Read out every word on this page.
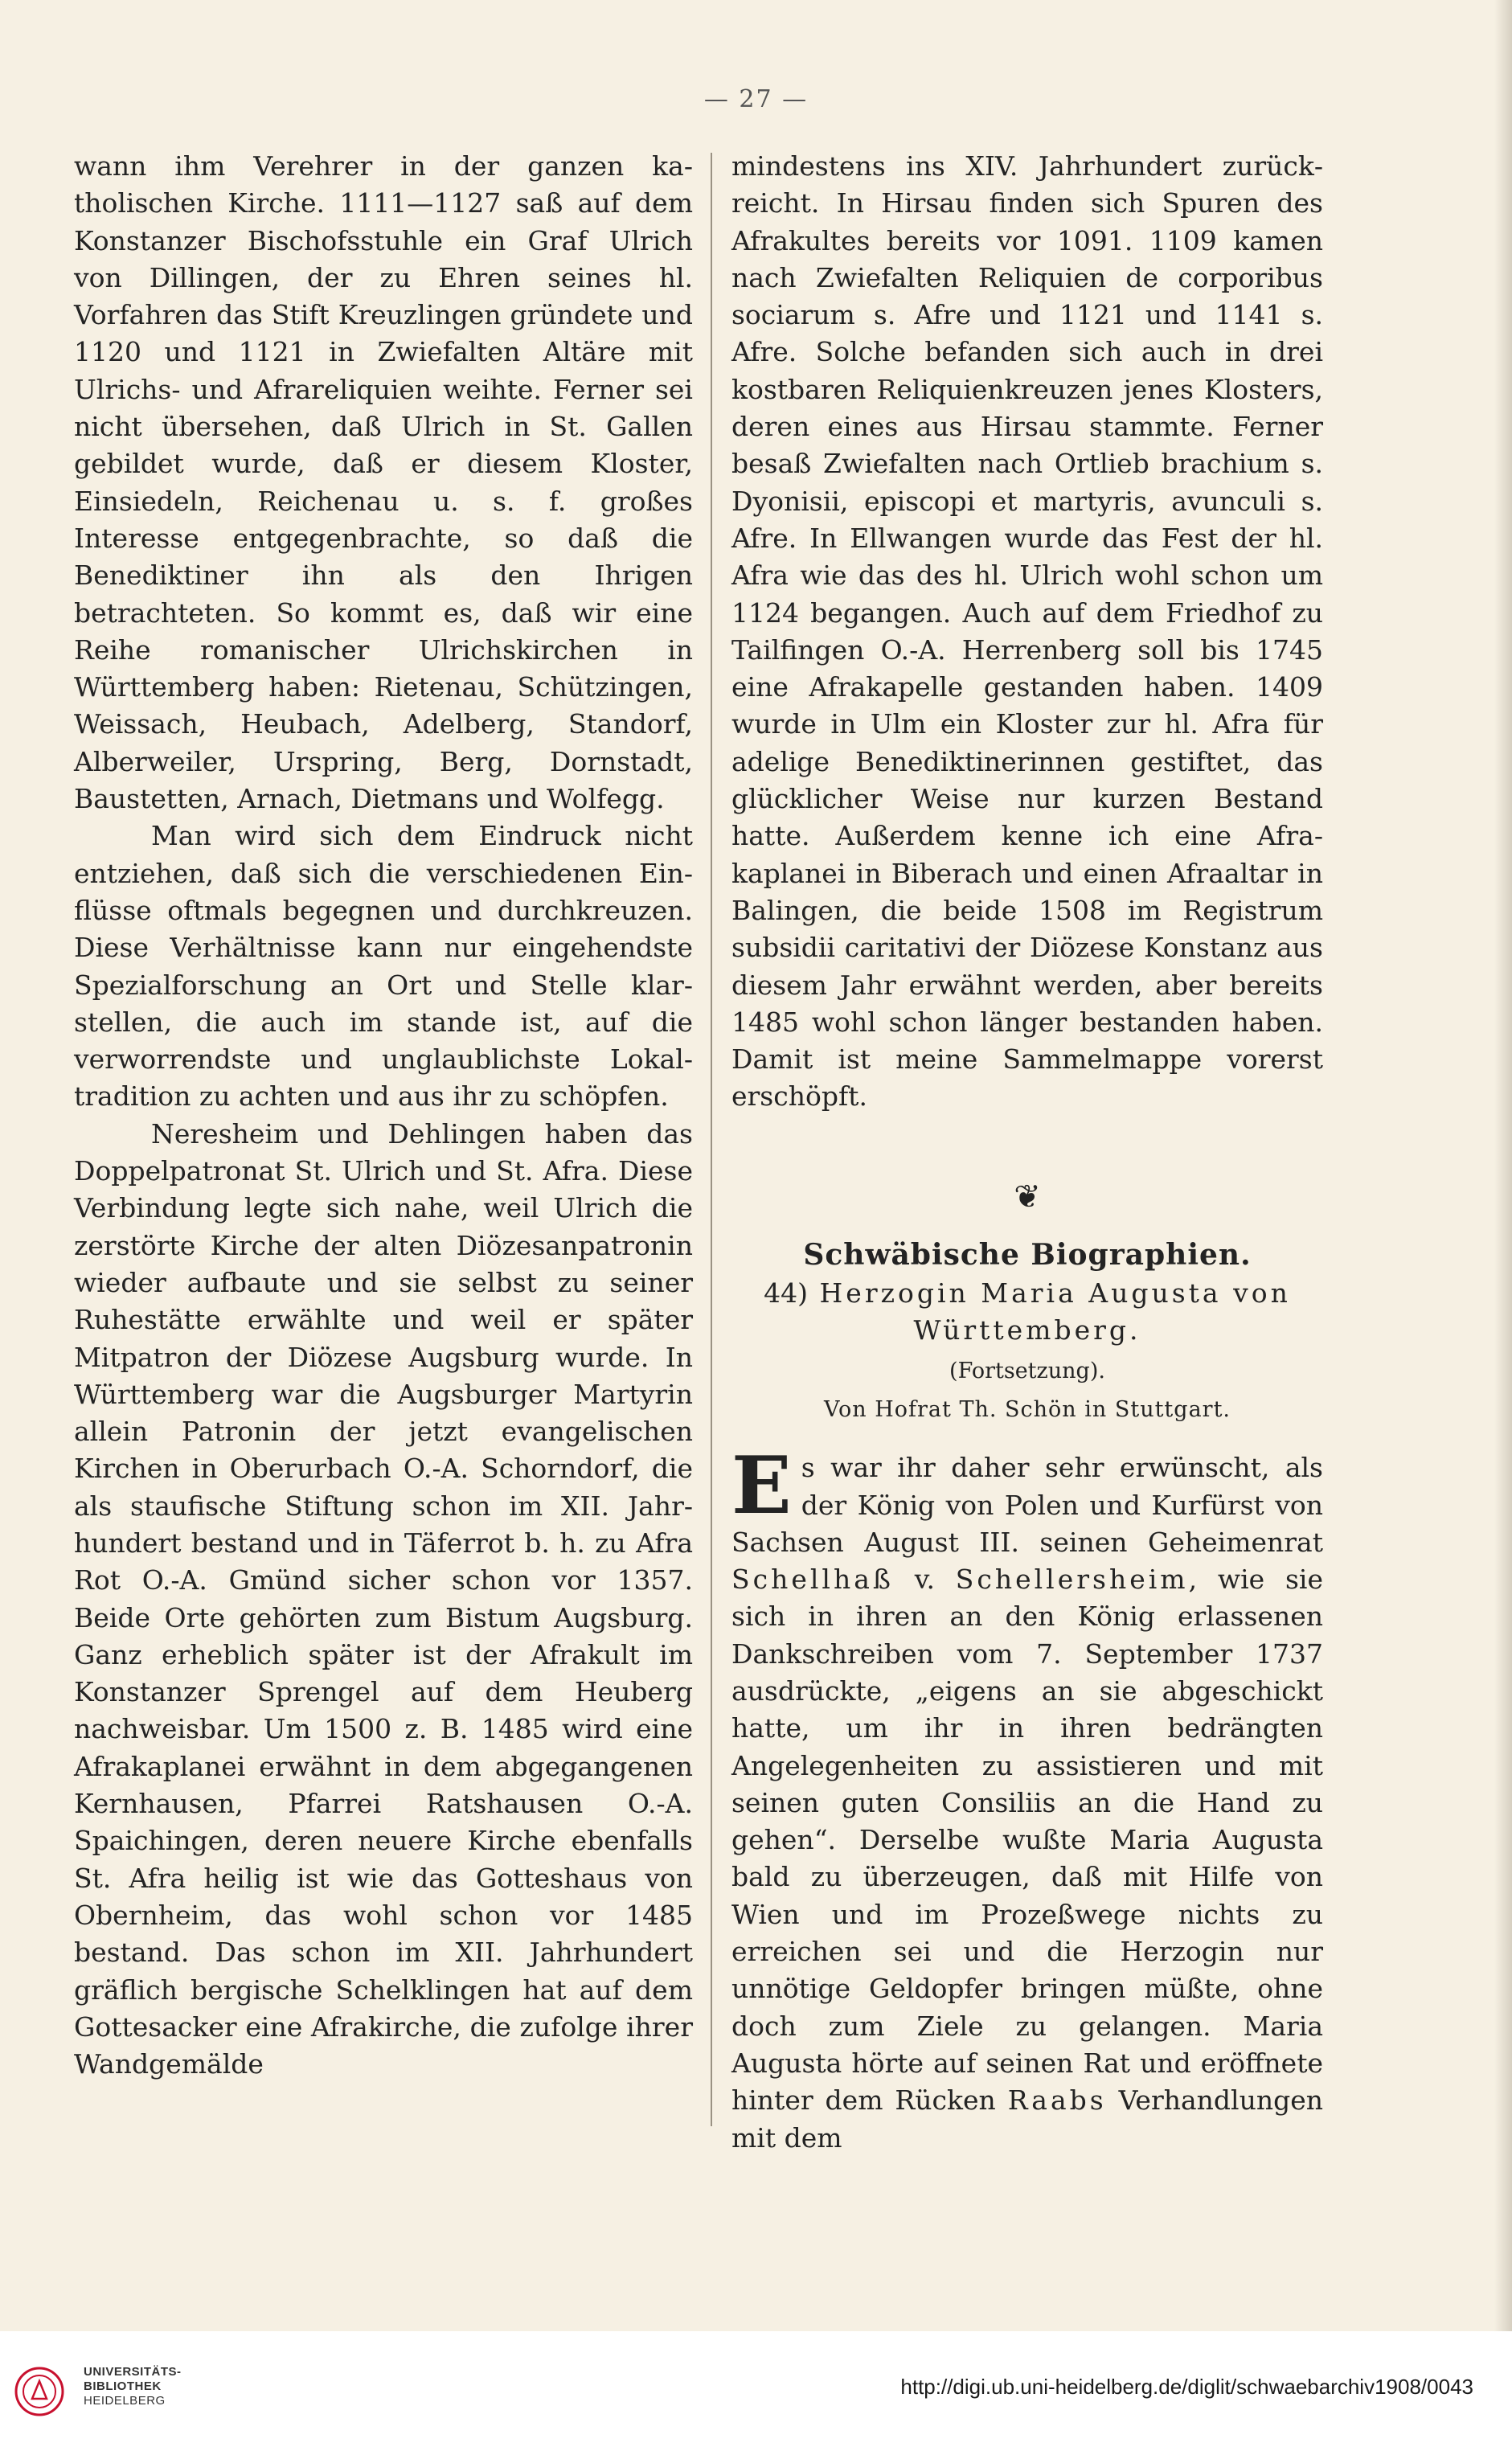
— 27 —

wann ihm Verehrer in der ganzen katholischen Kirche. 1111—1127 saß auf dem Konstanzer Bischofsstuhle ein Graf Ulrich von Dillingen, der zu Ehren seines hl. Vorfahren das Stift Kreuzlingen gründete und 1120 und 1121 in Zwiefalten Altäre mit Ulrichs- und Afrareliquien weihte. Ferner sei nicht übersehen, daß Ulrich in St. Gallen gebildet wurde, daß er diesem Kloster, Einsiedeln, Reichenau u. s. f. großes Interesse entgegenbrachte, so daß die Benediktiner ihn als den Ihrigen betrachteten. So kommt es, daß wir eine Reihe romanischer Ulrichskirchen in Württemberg haben: Rietenau, Schützingen, Weissach, Heubach, Adelberg, Standorf, Alberweiler, Urspring, Berg, Dornstadt, Baustetten, Arnach, Dietmans und Wolfegg.

Man wird sich dem Eindruck nicht entziehen, daß sich die verschiedenen Einflüsse oftmals begegnen und durchkreuzen. Diese Verhältnisse kann nur eingehendste Spezialforschung an Ort und Stelle klarstellen, die auch im stande ist, auf die verworrendste und unglaublichste Lokaltradition zu achten und aus ihr zu schöpfen.

Neresheim und Dehlingen haben das Doppelpatronat St. Ulrich und St. Afra. Diese Verbindung legte sich nahe, weil Ulrich die zerstörte Kirche der alten Diözesanpatronin wieder aufbaute und sie selbst zu seiner Ruhestätte erwählte und weil er später Mitpatron der Diözese Augsburg wurde. In Württemberg war die Augsburger Martyrin allein Patronin der jetzt evangelischen Kirchen in Oberurbach O.-A. Schorndorf, die als staufische Stiftung schon im XII. Jahrhundert bestand und in Täferrot b. h. zu Afra Rot O.-A. Gmünd sicher schon vor 1357. Beide Orte gehörten zum Bistum Augsburg. Ganz erheblich später ist der Afrakult im Konstanzer Sprengel auf dem Heuberg nachweisbar. Um 1500 z. B. 1485 wird eine Afrakaplanei erwähnt in dem abgegangenen Kernhausen, Pfarrei Ratshausen O.-A. Spaichingen, deren neuere Kirche ebenfalls St. Afra heilig ist wie das Gotteshaus von Obernheim, das wohl schon vor 1485 bestand. Das schon im XII. Jahrhundert gräflich bergische Schelklingen hat auf dem Gottesacker eine Afrakirche, die zufolge ihrer Wandgemälde

mindestens ins XIV. Jahrhundert zurückreicht. In Hirsau finden sich Spuren des Afrakultes bereits vor 1091. 1109 kamen nach Zwiefalten Reliquien de corporibus sociarum s. Afre und 1121 und 1141 s. Afre. Solche befanden sich auch in drei kostbaren Reliquienkreuzen jenes Klosters, deren eines aus Hirsau stammte. Ferner besaß Zwiefalten nach Ortlieb brachium s. Dyonisii, episcopi et martyris, avunculi s. Afre. In Ellwangen wurde das Fest der hl. Afra wie das des hl. Ulrich wohl schon um 1124 begangen. Auch auf dem Friedhof zu Tailfingen O.-A. Herrenberg soll bis 1745 eine Afrakapelle gestanden haben. 1409 wurde in Ulm ein Kloster zur hl. Afra für adelige Benediktinerinnen gestiftet, das glücklicher Weise nur kurzen Bestand hatte. Außerdem kenne ich eine Afrakaplanei in Biberach und einen Afraaltar in Balingen, die beide 1508 im Registrum subsidii caritativi der Diözese Konstanz aus diesem Jahr erwähnt werden, aber bereits 1485 wohl schon länger bestanden haben. Damit ist meine Sammelmappe vorerst erschöpft.

❦
Schwäbische Biographien.

44) Herzogin Maria Augusta von Württemberg.

(Fortsetzung).

Von Hofrat Th. Schön in Stuttgart.

Es war ihr daher sehr erwünscht, als der König von Polen und Kurfürst von Sachsen August III. seinen Geheimenrat Schellhaß v. Schellersheim, wie sie sich in ihren an den König erlassenen Dankschreiben vom 7. September 1737 ausdrückte, „eigens an sie abgeschickt hatte, um ihr in ihren bedrängten Angelegenheiten zu assistieren und mit seinen guten Consiliis an die Hand zu gehen“. Derselbe wußte Maria Augusta bald zu überzeugen, daß mit Hilfe von Wien und im Prozeßwege nichts zu erreichen sei und die Herzogin nur unnötige Geldopfer bringen müßte, ohne doch zum Ziele zu gelangen. Maria Augusta hörte auf seinen Rat und eröffnete hinter dem Rücken Raabs Verhandlungen mit dem

UNIVERSITÄTS-
BIBLIOTHEK
HEIDELBERG
http://digi.ub.uni-heidelberg.de/diglit/schwaebarchiv1908/0043
